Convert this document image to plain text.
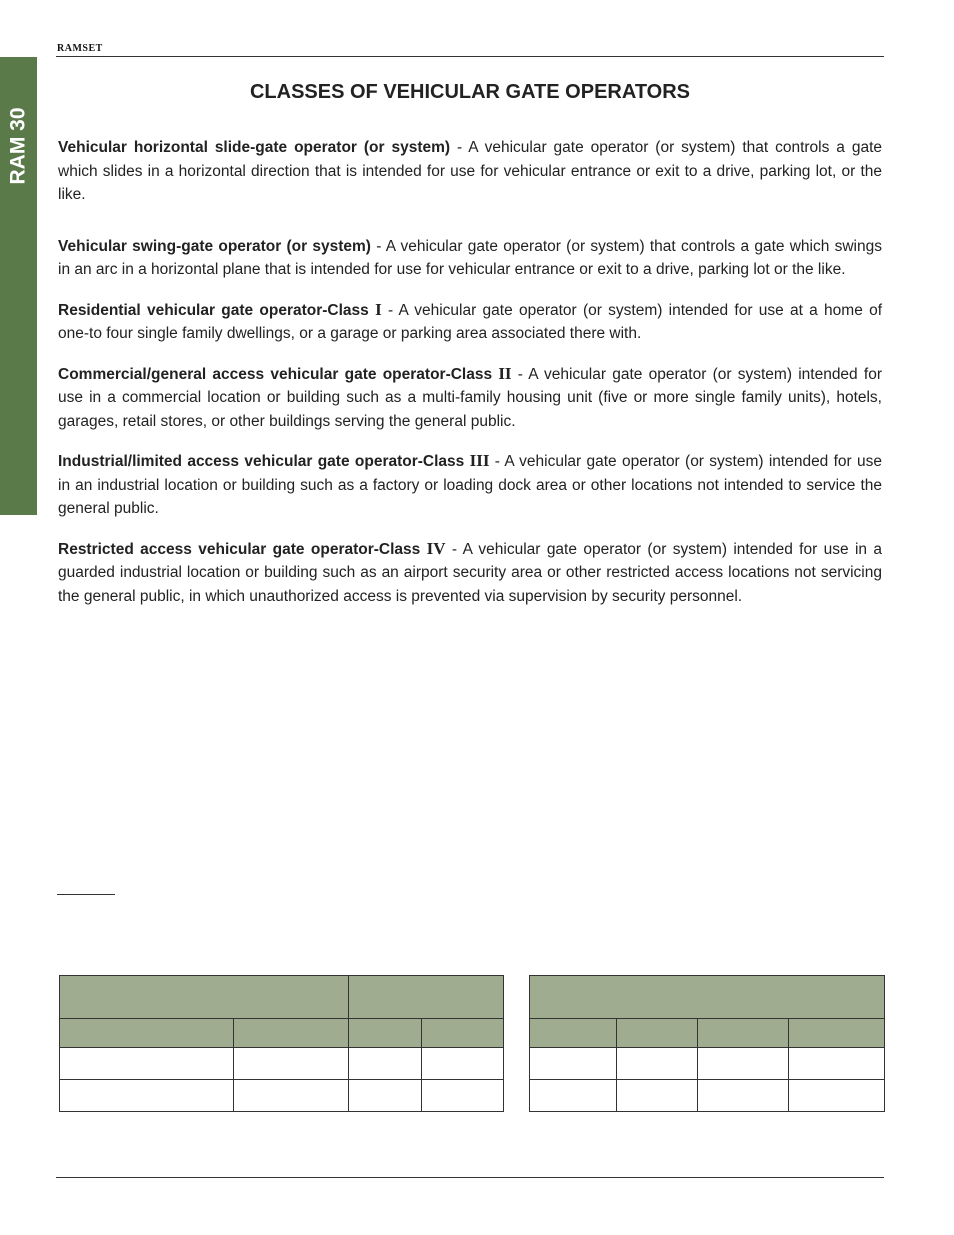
RAMSET
RAM 30
CLASSES OF VEHICULAR GATE OPERATORS

Vehicular horizontal slide-gate operator (or system) - A vehicular gate operator (or system) that controls a gate which slides in a horizontal direction that is intended for use for vehicular entrance or exit to a drive, parking lot, or the like.

Vehicular swing-gate operator (or system) - A vehicular gate operator (or system) that controls a gate which swings in an arc in a horizontal plane that is intended for use for vehicular entrance or exit to a drive, parking lot or the like.

Residential vehicular gate operator-Class I - A vehicular gate operator (or system) intended for use at a home of one-to four single family dwellings, or a garage or parking area associated there with.

Commercial/general access vehicular gate operator-Class II - A vehicular gate operator (or system) intended for use in a commercial location or building such as a multi-family housing unit (five or more single family units), hotels, garages, retail stores, or other buildings serving the general public.

Industrial/limited access vehicular gate operator-Class III - A vehicular gate operator (or system) intended for use in an industrial location or building such as a factory or loading dock area or other locations not intended to service the general public.

Restricted access vehicular gate operator-Class IV - A vehicular gate operator (or system) intended for use in a guarded industrial location or building such as an airport security area or other restricted access locations not servicing the general public, in which unauthorized access is prevented via supervision by security personnel.
